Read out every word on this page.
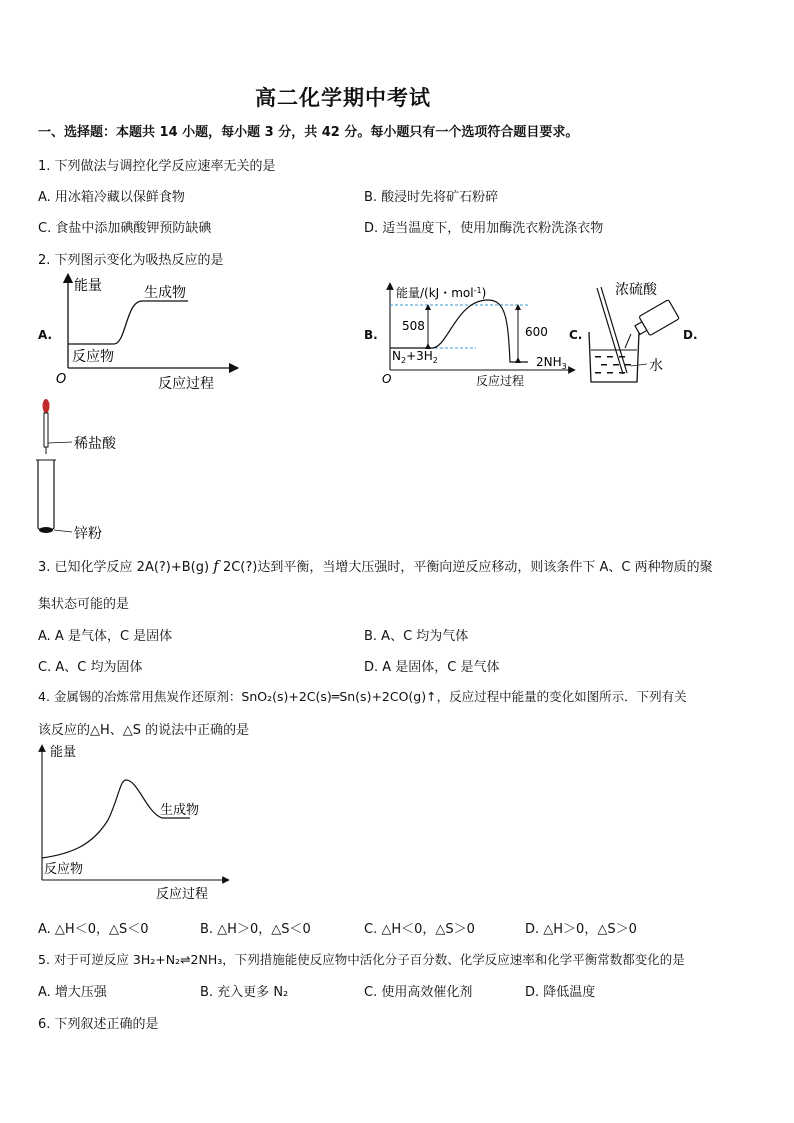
高二化学期中考试
一、选择题：本题共 14 小题，每小题 3 分，共 42 分。每小题只有一个选项符合题目要求。
1. 下列做法与调控化学反应速率无关的是
A. 用冰箱冷藏以保鲜食物	B. 酸浸时先将矿石粉碎
C. 食盐中添加碘酸钾预防缺碘	D. 适当温度下，使用加酶洗衣粉洗涤衣物
2. 下列图示变化为吸热反应的是
A.	B.	C.	D.
能量	生成物
反应物
O	反应过程
能量/(kJ・mol$^{-1}$)
508	600
$N_2+3H_2$	$2NH_3$
O	反应过程
浓硫酸
水
稀盐酸
锌粉
3. 已知化学反应 2A(?)+B(g) f 2C(?)达到平衡，当增大压强时，平衡向逆反应移动，则该条件下 A、C 两种物质的聚
集状态可能的是
A. A 是气体，C 是固体	B. A、C 均为气体
C. A、C 均为固体	D. A 是固体，C 是气体
4. 金属锡的冶炼常用焦炭作还原剂：SnO₂(s)+2C(s)═Sn(s)+2CO(g)↑，反应过程中能量的变化如图所示．下列有关
该反应的△H、△S 的说法中正确的是
能量
生成物
反应物
反应过程
A. △H＜0，△S＜0	B. △H＞0，△S＜0	C. △H＜0，△S＞0	D. △H＞0，△S＞0
5. 对于可逆反应 3H₂+N₂⇌2NH₃，下列措施能使反应物中活化分子百分数、化学反应速率和化学平衡常数都变化的是
A. 增大压强	B. 充入更多 N₂	C. 使用高效催化剂	D. 降低温度
6. 下列叙述正确的是
